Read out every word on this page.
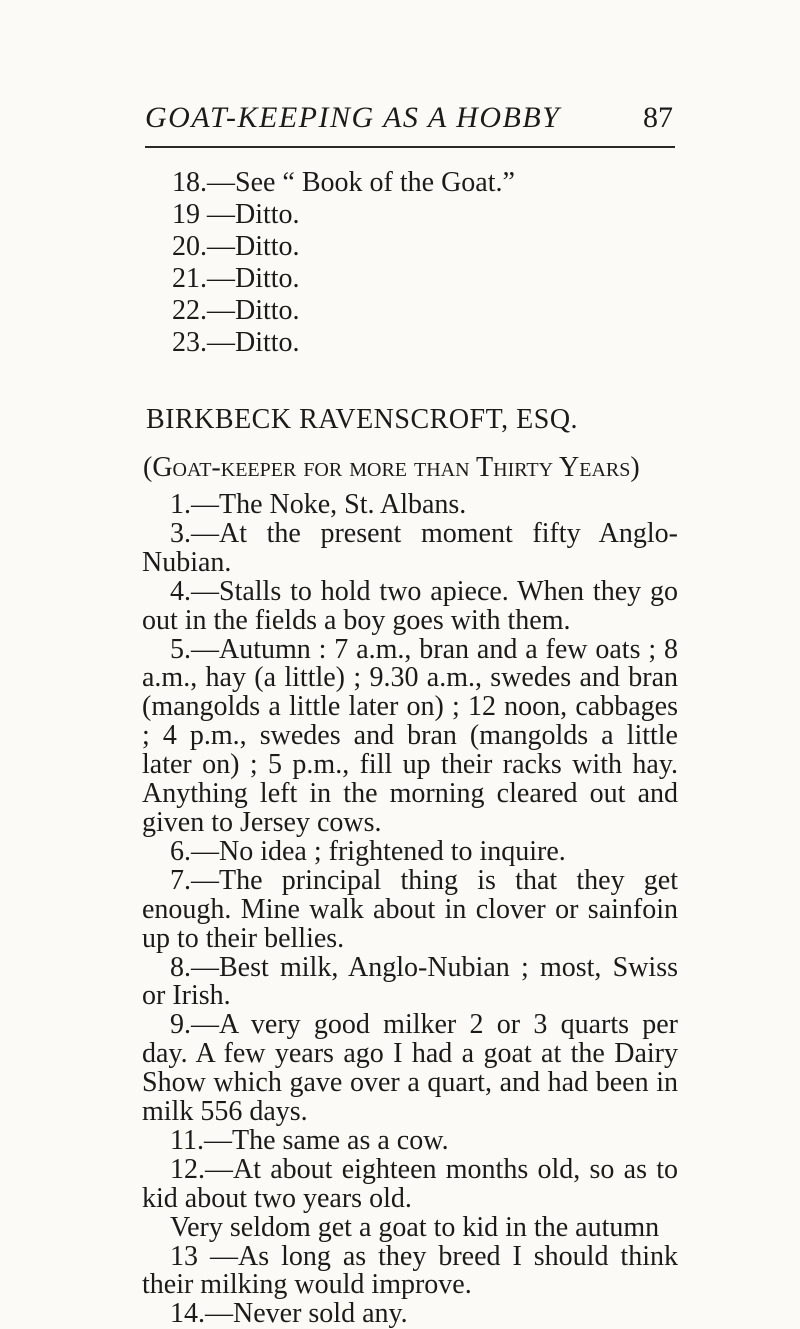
GOAT-KEEPING AS A HOBBY	87
18.—See “ Book of the Goat.”
19 —Ditto.
20.—Ditto.
21.—Ditto.
22.—Ditto.
23.—Ditto.
BIRKBECK RAVENSCROFT, ESQ.
(Goat-keeper for more than Thirty Years)

1.—The Noke, St. Albans.

3.—At the present moment fifty Anglo-Nubian.

4.—Stalls to hold two apiece. When they go out in the fields a boy goes with them.

5.—Autumn : 7 a.m., bran and a few oats ; 8 a.m., hay (a little) ; 9.30 a.m., swedes and bran (mangolds a little later on) ; 12 noon, cabbages ; 4 p.m., swedes and bran (mangolds a little later on) ; 5 p.m., fill up their racks with hay. Anything left in the morning cleared out and given to Jersey cows.

6.—No idea ; frightened to inquire.

7.—The principal thing is that they get enough. Mine walk about in clover or sainfoin up to their bellies.

8.—Best milk, Anglo-Nubian ; most, Swiss or Irish.

9.—A very good milker 2 or 3 quarts per day. A few years ago I had a goat at the Dairy Show which gave over a quart, and had been in milk 556 days.

11.—The same as a cow.

12.—At about eighteen months old, so as to kid about two years old.

Very seldom get a goat to kid in the autumn

13 —As long as they breed I should think their milking would improve.

14.—Never sold any.
